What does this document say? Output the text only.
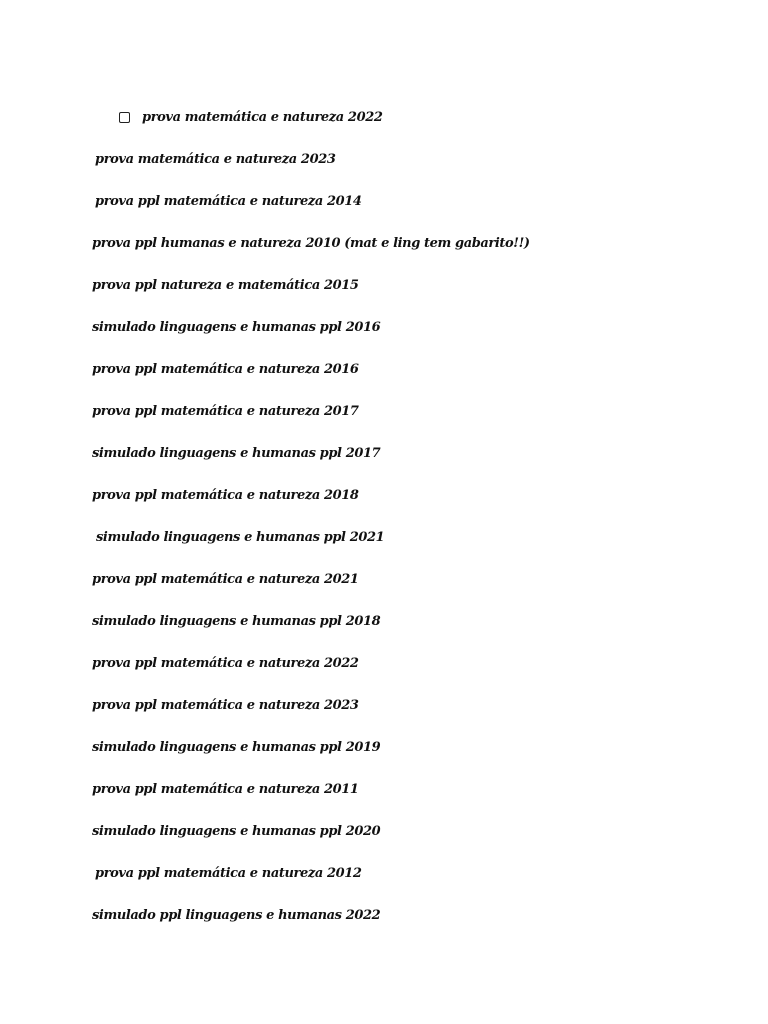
prova matemática e natureza 2022
prova matemática e natureza 2023
prova ppl matemática e natureza 2014
prova ppl humanas e natureza 2010 (mat e ling tem gabarito!!)
prova ppl natureza e matemática 2015
simulado linguagens e humanas ppl 2016
prova ppl matemática e natureza 2016
prova ppl matemática e natureza 2017
simulado linguagens e humanas ppl 2017
prova ppl matemática e natureza 2018
simulado linguagens e humanas ppl 2021
prova ppl matemática e natureza 2021
simulado linguagens e humanas ppl 2018
prova ppl matemática e natureza 2022
prova ppl matemática e natureza 2023
simulado linguagens e humanas ppl 2019
prova ppl matemática e natureza 2011
simulado linguagens e humanas ppl 2020
prova ppl matemática e natureza 2012
simulado ppl linguagens e humanas 2022
